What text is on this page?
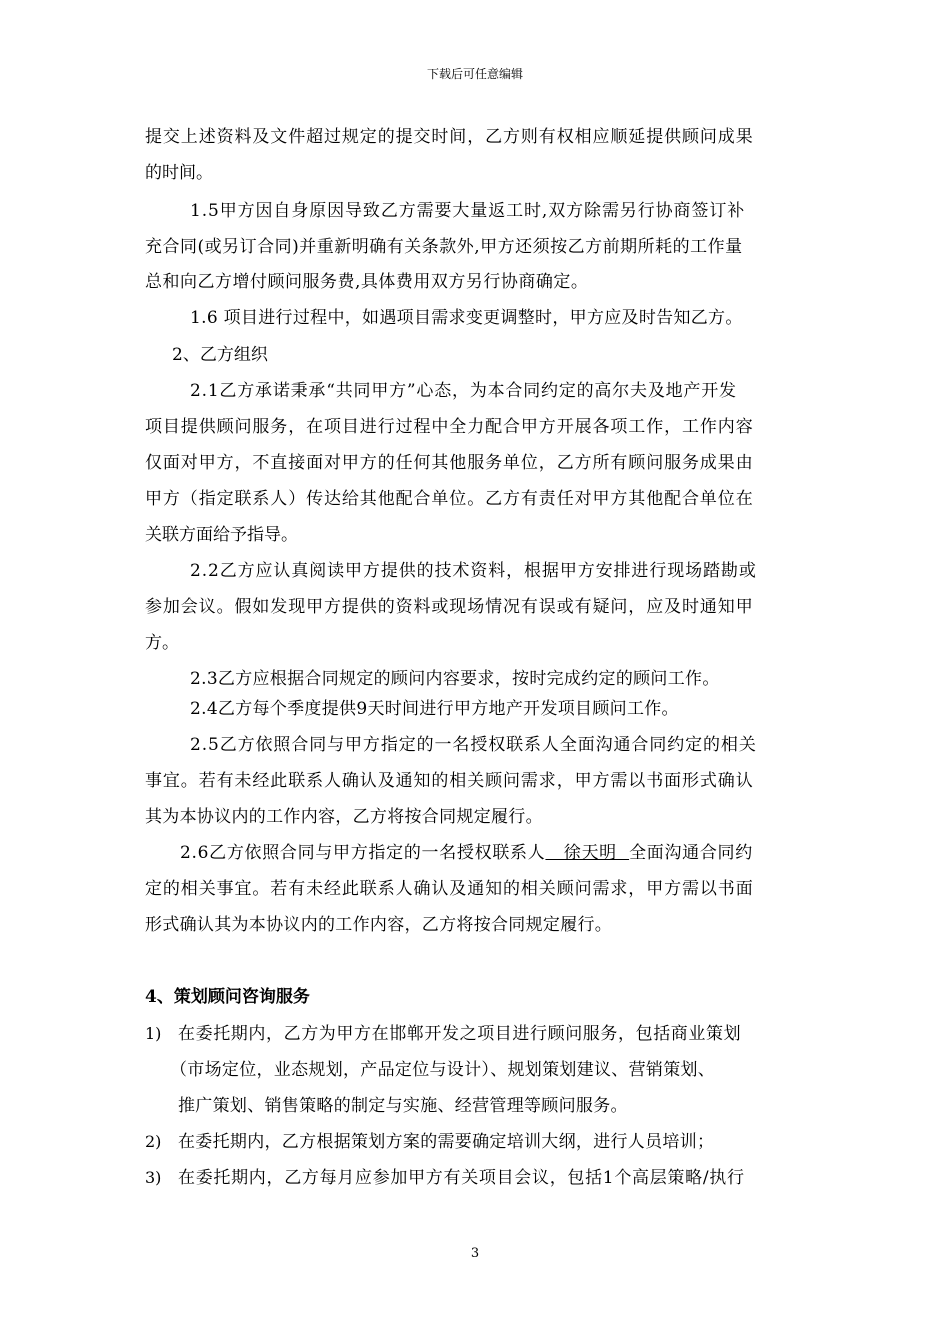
下载后可任意编辑
提交上述资料及文件超过规定的提交时间，乙方则有权相应顺延提供顾问成果
的时间。
1.5甲方因自身原因导致乙方需要大量返工时,双方除需另行协商签订补
充合同(或另订合同)并重新明确有关条款外,甲方还须按乙方前期所耗的工作量
总和向乙方增付顾问服务费,具体费用双方另行协商确定。
1.6 项目进行过程中，如遇项目需求变更调整时，甲方应及时告知乙方。
2、乙方组织
2.1乙方承诺秉承“共同甲方”心态，为本合同约定的高尔夫及地产开发
项目提供顾问服务，在项目进行过程中全力配合甲方开展各项工作，工作内容
仅面对甲方，不直接面对甲方的任何其他服务单位，乙方所有顾问服务成果由
甲方（指定联系人）传达给其他配合单位。乙方有责任对甲方其他配合单位在
关联方面给予指导。
2.2乙方应认真阅读甲方提供的技术资料，根据甲方安排进行现场踏勘或
参加会议。假如发现甲方提供的资料或现场情况有误或有疑问，应及时通知甲
方。
2.3乙方应根据合同规定的顾问内容要求，按时完成约定的顾问工作。
2.4乙方每个季度提供9天时间进行甲方地产开发项目顾问工作。
2.5乙方依照合同与甲方指定的一名授权联系人全面沟通合同约定的相关
事宜。若有未经此联系人确认及通知的相关顾问需求，甲方需以书面形式确认
其为本协议内的工作内容，乙方将按合同规定履行。
2.6乙方依照合同与甲方指定的一名授权联系人   徐天明  全面沟通合同约
定的相关事宜。若有未经此联系人确认及通知的相关顾问需求，甲方需以书面
形式确认其为本协议内的工作内容，乙方将按合同规定履行。
4、策划顾问咨询服务
1) 在委托期内，乙方为甲方在邯郸开发之项目进行顾问服务，包括商业策划
（市场定位，业态规划，产品定位与设计）、规划策划建议、营销策划、
推广策划、销售策略的制定与实施、经营管理等顾问服务。
2) 在委托期内，乙方根据策划方案的需要确定培训大纲，进行人员培训；
3) 在委托期内，乙方每月应参加甲方有关项目会议，包括1个高层策略/执行
3
